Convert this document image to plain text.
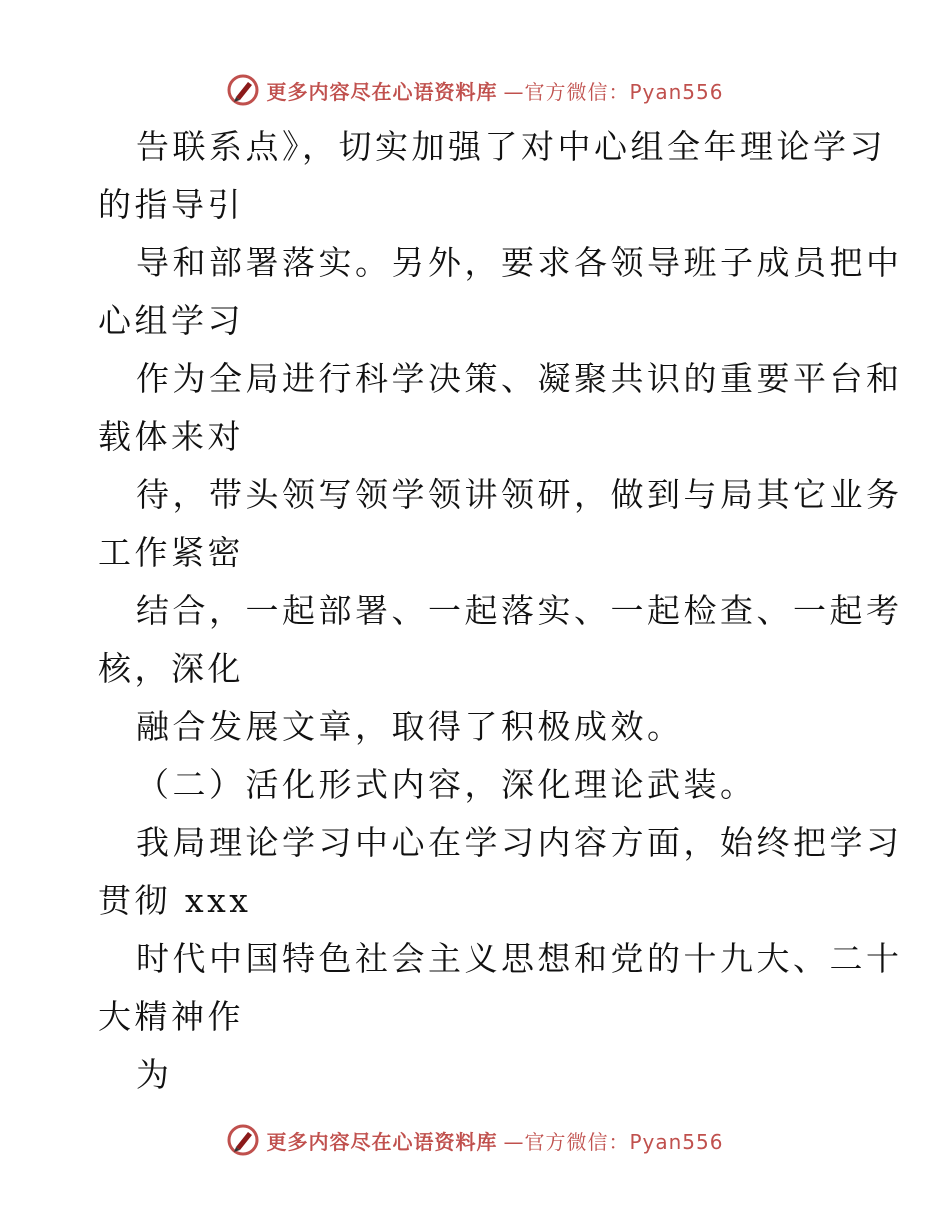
更多内容尽在心语资料库 —官方微信：Pyan556
告联系点》，切实加强了对中心组全年理论学习
的指导引
导和部署落实。另外，要求各领导班子成员把中
心组学习
作为全局进行科学决策、凝聚共识的重要平台和
载体来对
待，带头领写领学领讲领研，做到与局其它业务
工作紧密
结合，一起部署、一起落实、一起检查、一起考
核，深化
融合发展文章，取得了积极成效。
（二）活化形式内容，深化理论武装。
我局理论学习中心在学习内容方面，始终把学习
贯彻 xxx
时代中国特色社会主义思想和党的十九大、二十
大精神作
为
更多内容尽在心语资料库 —官方微信：Pyan556
